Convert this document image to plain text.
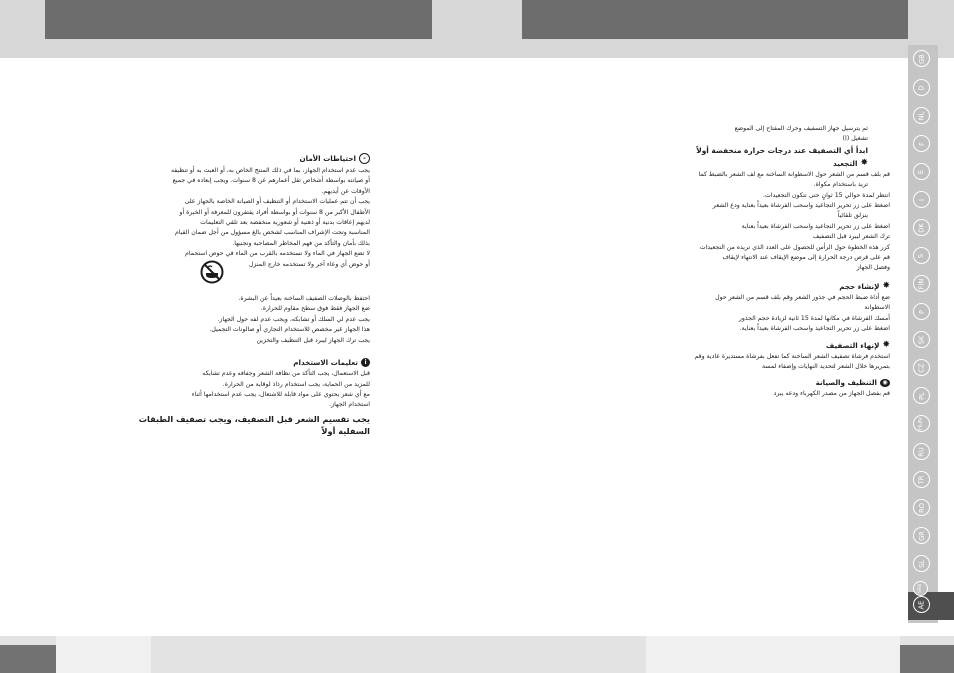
ثم يترسيل جهاز التسفيف وحرك المفتاح إلى الموضع
تشغيل (I)
ابدأ أي التصفيف عند درجات حرارة منخفضة أولاً
✸
التجعيد
قم بلف قسم من الشعر حول الاسطوانة الساخنة مع لف الشعر بالضبط كما
تريد باستخدام مكواة.
انتظر لمدة حوالي 15 ثوانٍ حتى تتكون التجعيدات.
اضغط على زر تحرير التجاعيد واسحب الفرشاة بعيداً بعناية ودع الشعر
ينزلق تلقائياً
اضغط على زر تحرير التجاعيد واسحب الفرشاة بعيداً بعناية
ترك الشعر ليبرد قبل التصفيف
كرر هذه الخطوة حول الرأس للحصول على العدد الذي تريده من التجعيدات
قم على قرص درجة الحرارة إلى موضع الإيقاف عند الانتهاء لإيقاف
وفصل الجهاز
✸
لإنشاء حجم
ضع أداة ضبط الحجم في جذور الشعر وقم بلف قسم من الشعر حول
الاسطوانة
أمسك الفرشاة في مكانها لمدة 15 ثانية لزيادة حجم الجذور
اضغط على زر تحرير التجاعيد واسحب الفرشاة بعيداً بعناية.
✸
لإنهاء التصفيف
استخدم فرشاة تصفيف الشعر الساخنة كما تفعل بفرشاة مستديرة عادية وقم
بتمريرها خلال الشعر لتحديد النهايات وإضفاء لمسة
◉
التنظيف والصيانة
قم بفصل الجهاز من مصدر الكهرباء ودعه يبرد
–
احتياطات الأمان
يجب عدم استخدام الجهاز، بما في ذلك المنتج الخاص به، أو العبث به أو تنظيفه
أو صيانته بواسطة أشخاص تقل أعمارهم عن 8 سنوات. ويجب إبعاده في جميع
الأوقات عن أيديهم.
يجب أن تتم عمليات الاستخدام أو التنظيف أو الصيانة الخاصة بالجهاز على
الأطفال الأكبر من 8 سنوات أو بواسطة أفراد يفتقرون للمعرفة أو الخبرة أو
لديهم إعاقات بدنية أو ذهنية أو شعورية منخفضة بعد تلقي التعليمات
المناسبة وتحت الإشراف المناسب لشخص بالغ مسؤول من أجل ضمان القيام
بذلك بأمان والتأكد من فهم المخاطر المصاحبة وتجنبها.
لا تضع الجهاز في الماء ولا تستخدمه بالقرب من الماء في حوض استحمام
أو حوض أي وعاء آخر ولا تستخدمه خارج المنزل
احتفظ بالوصلات الصفيف الساخنة بعيداً عن البشرة.
ضع الجهاز فقط فوق سطح مقاوم للحرارة.
يجب عدم لي السلك أو تشابكه، ويجب عدم لفه حول الجهاز.
هذا الجهاز غير مخصص للاستخدام التجاري أو صالونات التجميل.
يجب ترك الجهاز ليبرد قبل التنظيف والتخزين
i
تعليمات الاستخدام
قبل الاستعمال، يجب التأكد من نظافة الشعر وجفافه وعدم تشابكه
للمزيد من الحماية، يجب استخدام رذاذ لوقاية من الحرارة.
مع أي شعر يحتوي على مواد قابلة للاشتعال، يجب عدم استخدامها أثناء
استخدام الجهاز.
يجب تقسيم الشعر قبل التصفيف، ويجب تصفيف الطبقات
السفلية أولاً
GB
D
NL
F
E
I
DK
S
FIN
P
SK
CZ
PL
HUN
RU
TR
RO
GR
SL
SRB
AE
